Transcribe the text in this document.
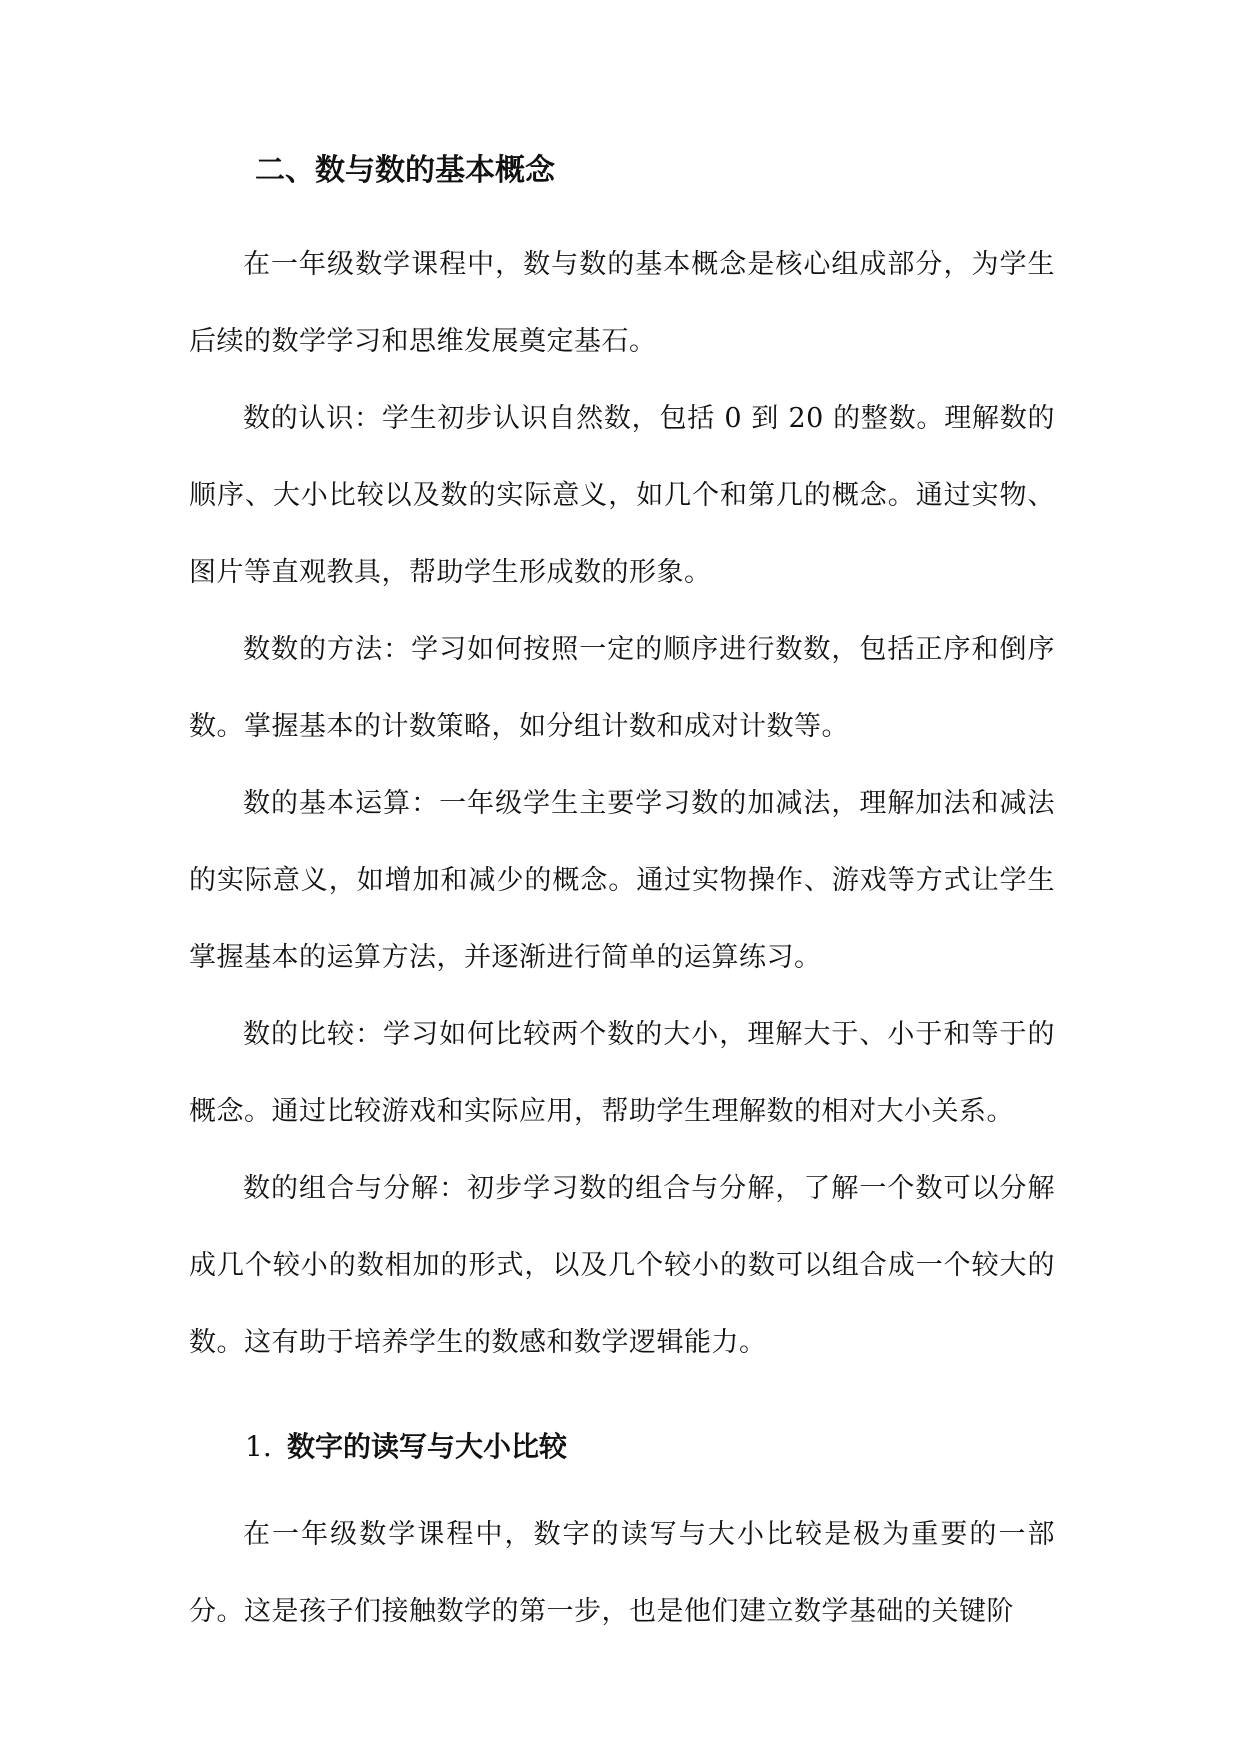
二、数与数的基本概念

在一年级数学课程中，数与数的基本概念是核心组成部分，为学生后续的数学学习和思维发展奠定基石。

数的认识：学生初步认识自然数，包括 0 到 20 的整数。理解数的顺序、大小比较以及数的实际意义，如几个和第几的概念。通过实物、图片等直观教具，帮助学生形成数的形象。

数数的方法：学习如何按照一定的顺序进行数数，包括正序和倒序数。掌握基本的计数策略，如分组计数和成对计数等。

数的基本运算：一年级学生主要学习数的加减法，理解加法和减法的实际意义，如增加和减少的概念。通过实物操作、游戏等方式让学生掌握基本的运算方法，并逐渐进行简单的运算练习。

数的比较：学习如何比较两个数的大小，理解大于、小于和等于的概念。通过比较游戏和实际应用，帮助学生理解数的相对大小关系。

数的组合与分解：初步学习数的组合与分解，了解一个数可以分解成几个较小的数相加的形式，以及几个较小的数可以组合成一个较大的数。这有助于培养学生的数感和数学逻辑能力。

1. 数字的读写与大小比较

在一年级数学课程中，数字的读写与大小比较是极为重要的一部分。这是孩子们接触数学的第一步，也是他们建立数学基础的关键阶
